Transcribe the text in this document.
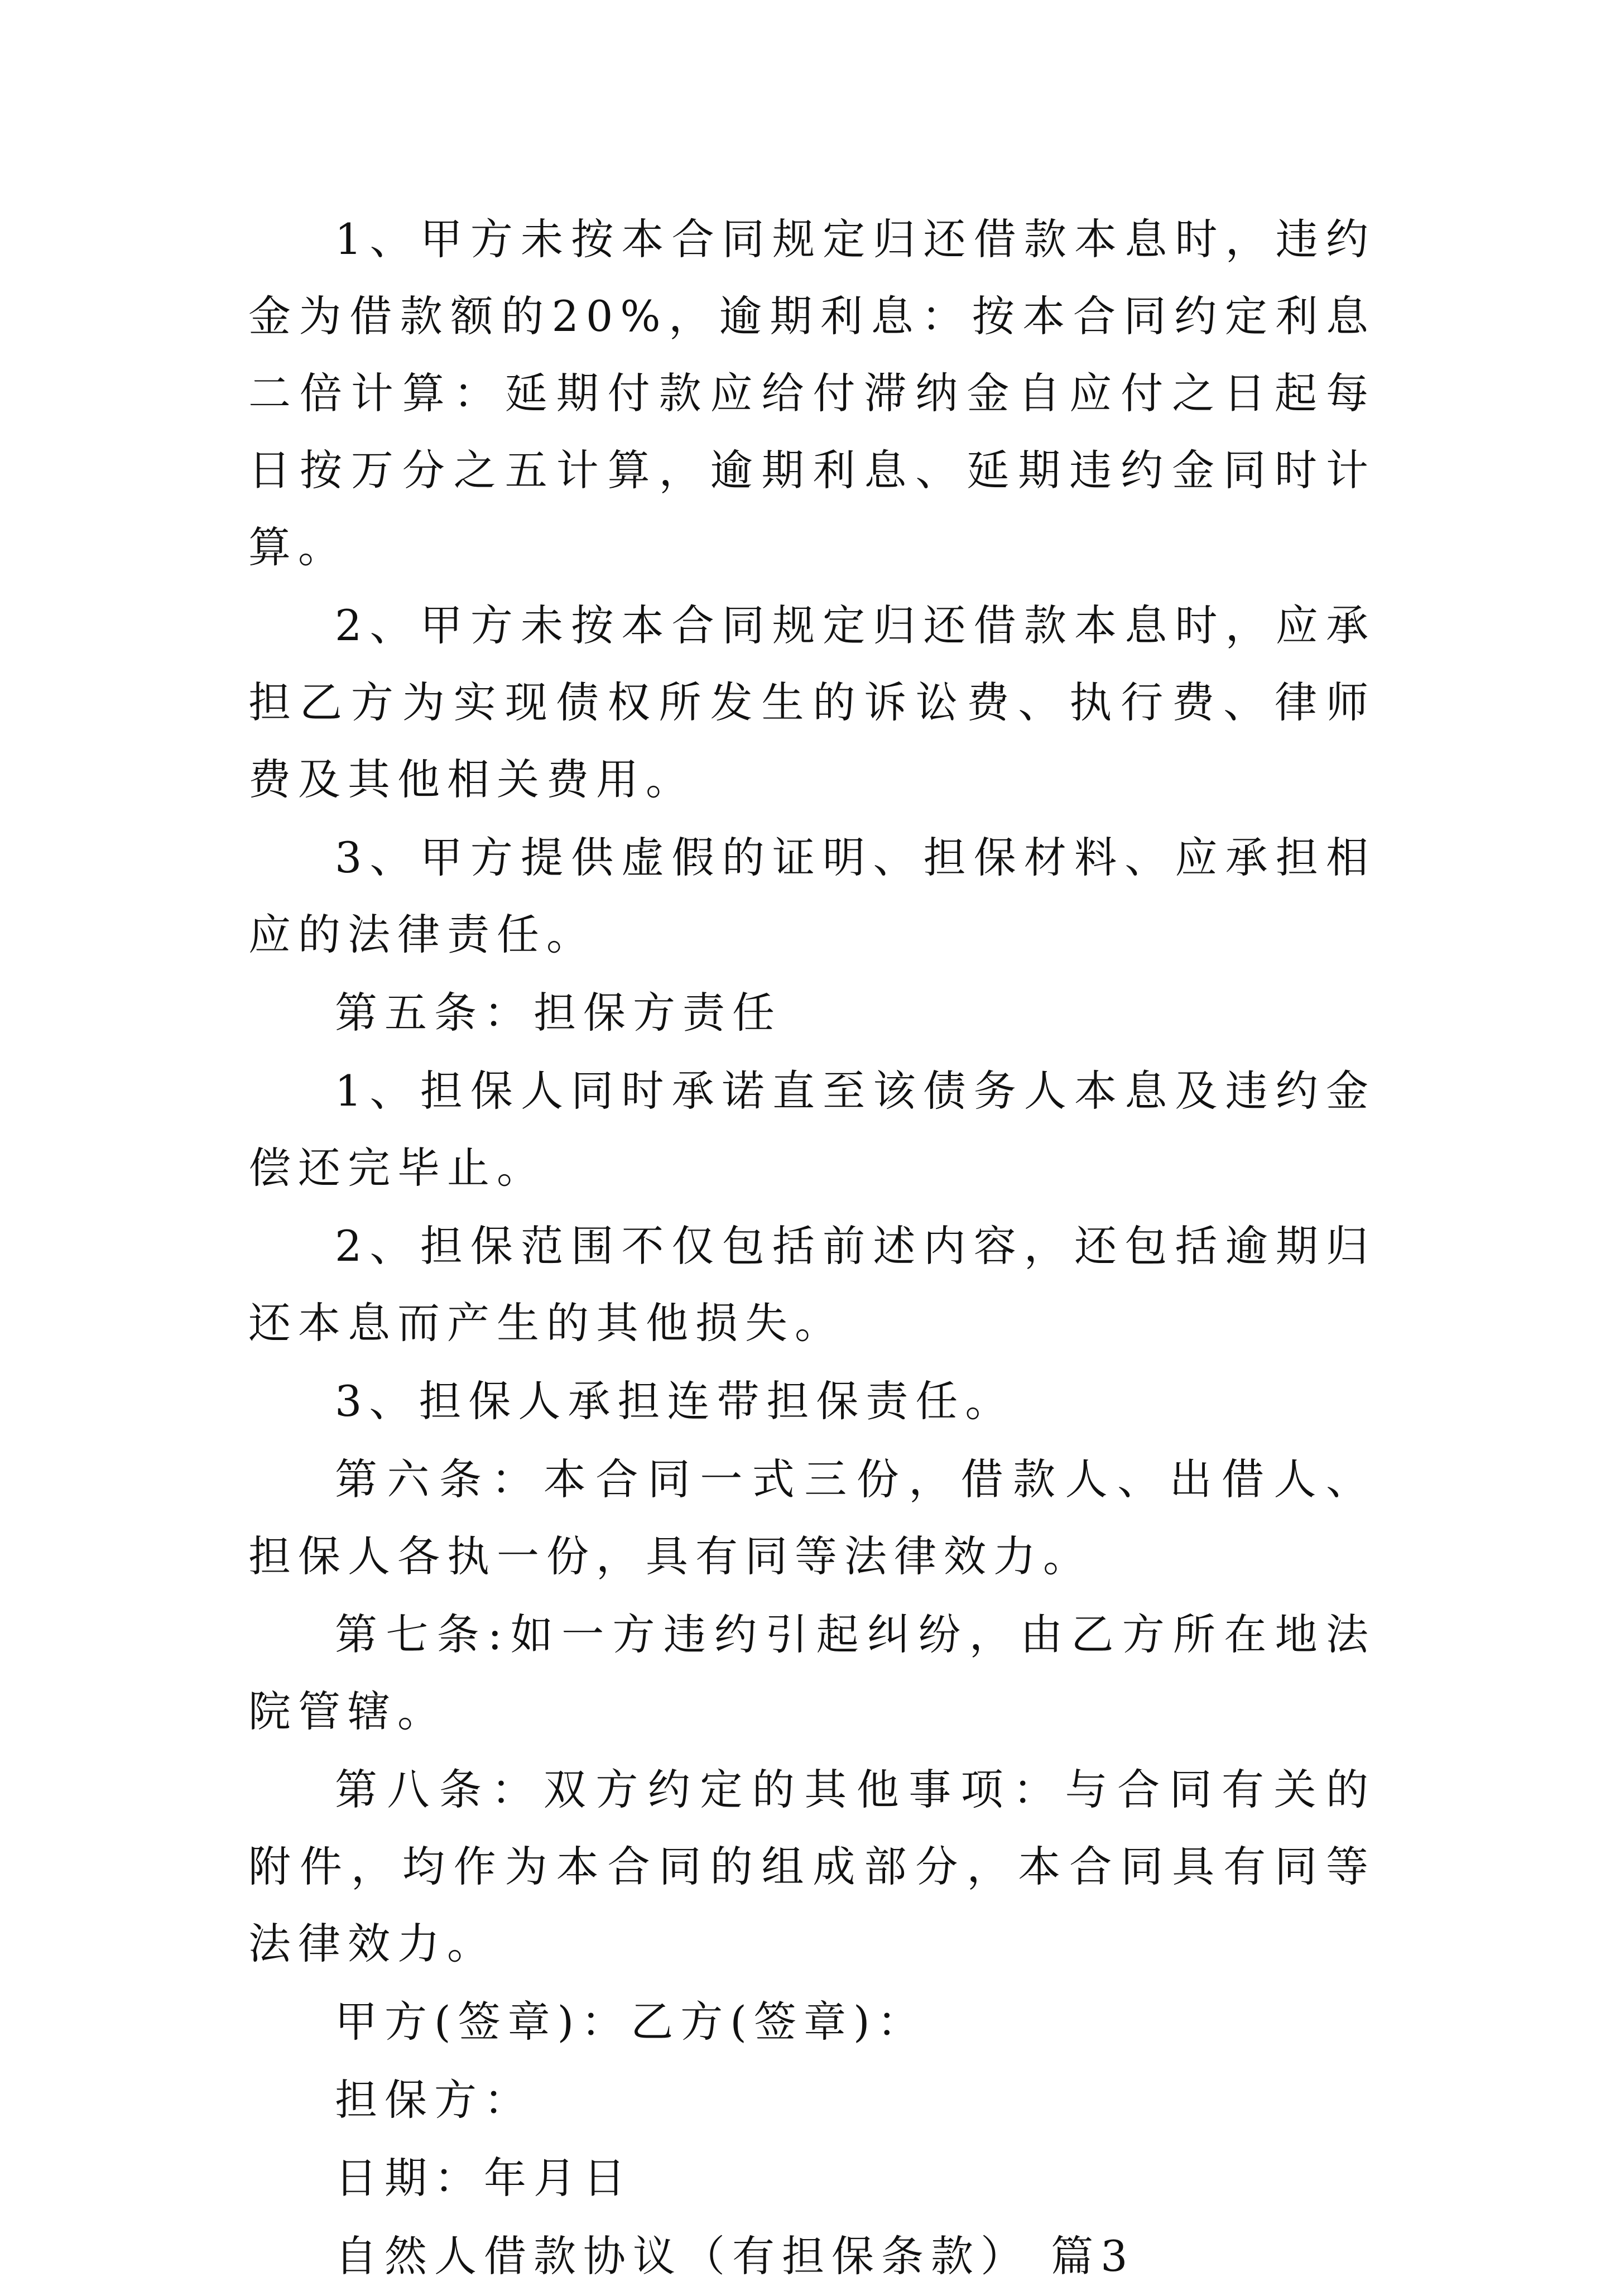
1、甲方未按本合同规定归还借款本息时，违约金为借款额的20%，逾期利息：按本合同约定利息二倍计算：延期付款应给付滞纳金自应付之日起每日按万分之五计算，逾期利息、延期违约金同时计算。

2、甲方未按本合同规定归还借款本息时，应承担乙方为实现债权所发生的诉讼费、执行费、律师费及其他相关费用。

3、甲方提供虚假的证明、担保材料、应承担相应的法律责任。

第五条：担保方责任

1、担保人同时承诺直至该债务人本息及违约金偿还完毕止。

2、担保范围不仅包括前述内容，还包括逾期归还本息而产生的其他损失。

3、担保人承担连带担保责任。

第六条：本合同一式三份，借款人、出借人、担保人各执一份，具有同等法律效力。

第七条:如一方违约引起纠纷，由乙方所在地法院管辖。

第八条：双方约定的其他事项：与合同有关的附件，均作为本合同的组成部分，本合同具有同等法律效力。

甲方(签章)：乙方(签章)：

担保方：

日期：年月日

自然人借款协议（有担保条款） 篇3
